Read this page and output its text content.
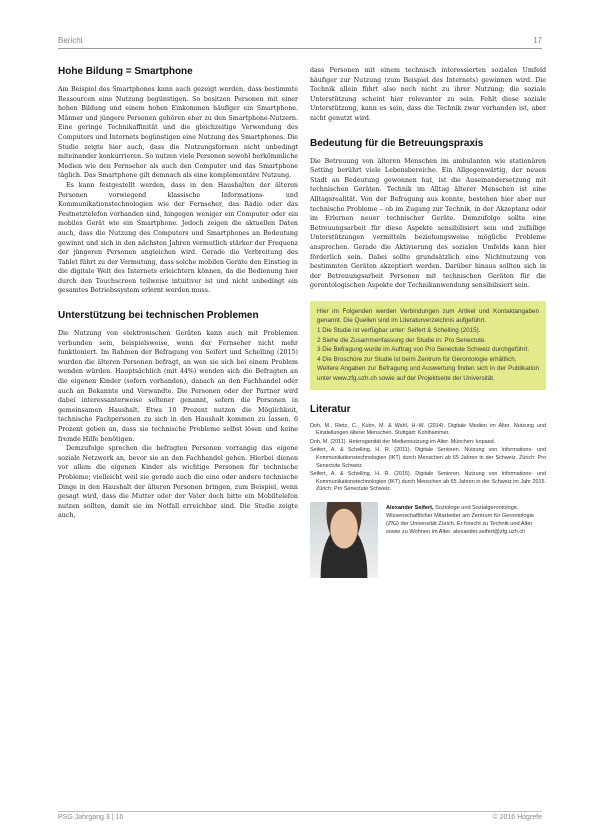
Bericht	17
Hohe Bildung = Smartphone

Am Beispiel des Smartphones kann auch gezeigt werden, dass bestimmte Ressourcen eine Nutzung begünstigen. So besitzen Personen mit einer hohen Bildung und einem hohen Einkommen häufiger ein Smartphone. Männer und jüngere Personen gehören eher zu den Smartphone-Nutzern. Eine geringe Technikaffinität und die gleichzeitige Verwendung des Computers und Internets begünstigen eine Nutzung des Smartphones. Die Studie zeigte hier auch, dass die Nutzungsformen nicht unbedingt miteinander konkurrieren. So nutzen viele Personen sowohl herkömmliche Medien wie den Fernseher als auch den Computer und das Smartphone täglich. Das Smartphone gilt demnach als eine komplementäre Nutzung.

Es kann festgestellt werden, dass in den Haushalten der älteren Personen vorwiegend klassische Informations- und Kommunikationstechnologien wie der Fernseher, das Radio oder das Festnetztelefon vorhanden sind, hingegen weniger ein Computer oder ein mobiles Gerät wie ein Smartphone. Jedoch zeigen die aktuellen Daten auch, dass die Nutzung des Computers und Smartphones an Bedeutung gewinnt und sich in den nächsten Jahren vermutlich stärker der Frequenz der jüngeren Personen angleichen wird. Gerade die Verbreitung des Tablet führt zu der Vermutung, dass solche mobilen Geräte den Einstieg in die digitale Welt des Internets erleichtern können, da die Bedienung hier durch den Touchscreen teilweise intuitiver ist und nicht unbedingt ein gesamtes Betriebssystem erlernt werden muss.

Unterstützung bei technischen Problemen

Die Nutzung von elektronischen Geräten kann auch mit Problemen verbunden sein, beispielsweise, wenn der Fernseher nicht mehr funktioniert. Im Rahmen der Befragung von Seifert und Schelling (2015) wurden die älteren Personen befragt, an wen sie sich bei einem Problem wenden würden. Hauptsächlich (mit 44%) wenden sich die Befragten an die eigenen Kinder (sofern vorhanden), danach an den Fachhandel oder auch an Bekannte und Verwandte. Die Personen oder der Partner wird dabei interessanterweise seltener genannt, sofern die Personen in gemeinsamen Haushalt. Etwa 10 Prozent nutzen die Möglichkeit, technische Fachpersonen zu sich in den Haushalt kommen zu lassen. 6 Prozent geben an, dass sie technische Probleme selbst lösen und keine fremde Hilfe benötigen.

Demzufolge sprechen die befragten Personen vorrangig das eigene soziale Netzwerk an, bevor sie an den Fachhandel gehen. Hierbei dienen vor allem die eigenen Kinder als wichtige Personen für technische Probleme; vielleicht weil sie gerade auch die eine oder andere technische Dinge in den Haushalt der älteren Personen bringen, zum Beispiel, wenn gesagt wird, dass die Mutter oder der Vater doch bitte ein Mobiltelefon nutzen sollten, damit sie im Notfall erreichbar sind. Die Studie zeigte auch,

dass Personen mit einem technisch interessierten sozialen Umfeld häufiger zur Nutzung (zum Beispiel des Internets) gewinnen wird. Die Technik allein führt also noch nicht zu ihrer Nutzung; die soziale Unterstützung scheint hier relevanter zu sein. Fehlt diese soziale Unterstützung, kann es sein, dass die Technik zwar vorhanden ist, aber nicht genutzt wird.

Bedeutung für die Betreuungspraxis

Die Betreuung von älteren Menschen im ambulanten wie stationären Setting berührt viele Lebensbereiche. Ein Allgegenwärtig, der neuen Stadt an Bedeutung gewonnen hat, ist die Auseinandersetzung mit technischen Geräten. Technik im Alltag älterer Menschen ist eine Alltagsrealität. Von der Befragung aus konnte, bestehen hier aber nur technische Probleme – ob im Zugang zur Technik, in der Akzeptanz oder im Erlernen neuer technischer Geräte. Demzufolge sollte eine Betreuungsarbeit für diese Aspekte sensibilisiert sein und zufällige Unterstützungen vermitteln beziehungsweise mögliche Probleme ansprechen. Gerade die Aktivierung des sozialen Umfelds kann hier förderlich sein. Dabei sollte grundsätzlich eine Nichtnutzung von bestimmten Geräten akzeptiert werden. Darüber hinaus sollten sich in der Betreuungsarbeit Personen mit technischen Geräten für die gerontologischen Aspekte der Technikanwendung sensibilisiert sein.

Hier im Folgenden werden Verbindungen zum Artikel und Kontaktangaben genannt. Die Quellen sind im Literaturverzeichnis aufgeführt.

1 Die Studie ist verfügbar unter: Seifert & Schelling (2015).

2 Siehe die Zusammenfassung der Studie in: Pro Senectute.

3 Die Befragung wurde im Auftrag von Pro Senectute Schweiz durchgeführt.

4 Die Broschüre zur Studie ist beim Zentrum für Gerontologie erhältlich.

Weitere Angaben zur Befragung und Auswertung finden sich in der Publikation unter www.zfg.uzh.ch sowie auf der Projektseite der Universität.

Literatur

Doh, M., Rietz, C., Kuhn, M. & Wahl, H.-W. (2014). Digitale Medien im Alter. Nutzung und Einstellungen älterer Menschen. Stuttgart: Kohlhammer.

Doh, M. (2011). Heterogenität der Mediennutzung im Alter. München: kopaed.

Seifert, A. & Schelling, H. R. (2011). Digitale Senioren. Nutzung von Informations- und Kommunikationstechnologien (IKT) durch Menschen ab 65 Jahren in der Schweiz. Zürich: Pro Senectute Schweiz.

Seifert, A. & Schelling, H. R. (2015). Digitale Senioren. Nutzung von Informations- und Kommunikationstechnologien (IKT) durch Menschen ab 65 Jahren in der Schweiz im Jahr 2015. Zürich: Pro Senectute Schweiz.

Alexander Seifert, Soziologe und Sozialgerontologe, Wissenschaftlicher Mitarbeiter am Zentrum für Gerontologie (ZfG) der Universität Zürich. Er forscht zu Technik und Alter sowie zu Wohnen im Alter. alexander.seifert@zfg.uzh.ch
PSG Jahrgang 3 | 16	© 2016 Hogrefe
